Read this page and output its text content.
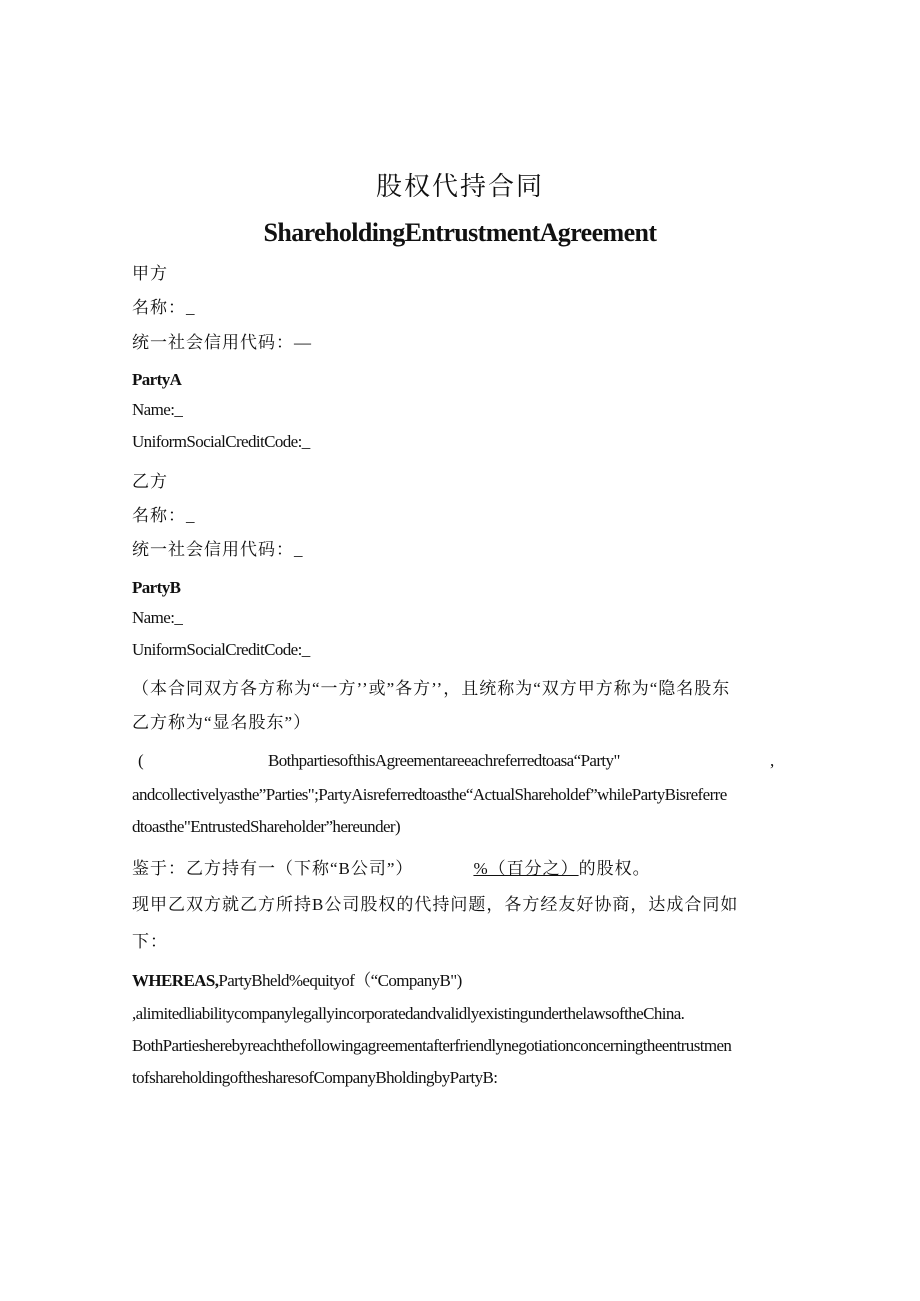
股权代持合同
ShareholdingEntrustmentAgreement
甲方
名称：_
统一社会信用代码：—
PartyA
Name:_
UniformSocialCreditCode:_
乙方
名称：_
统一社会信用代码：_
PartyB
Name:_
UniformSocialCreditCode:_
（本合同双方各方称为“一方’’或”各方’’，且统称为“双方甲方称为“隐名股东
乙方称为“显名股东”）
(	BothpartiesofthisAgreementareeachreferredtoasa“Party"	,
andcollectivelyasthe”Parties";PartyAisreferredtoasthe“ActualShareholdef”whilePartyBisreferre
dtoasthe"EntrustedShareholder”hereunder)
鉴于：乙方持有一（下称“B公司”）	%（百分之）的股权。
现甲乙双方就乙方所持B公司股权的代持问题，各方经友好协商，达成合同如
下：
WHEREAS,PartyBheld%equityof（“CompanyB")
,alimitedliabilitycompanylegallyincorporatedandvalidlyexistingunderthelawsoftheChina.
BothPartiesherebyreachthefollowingagreementafterfriendlynegotiationconcerningtheentrustmen
tofshareholdingofthesharesofCompanyBholdingbyPartyB:
